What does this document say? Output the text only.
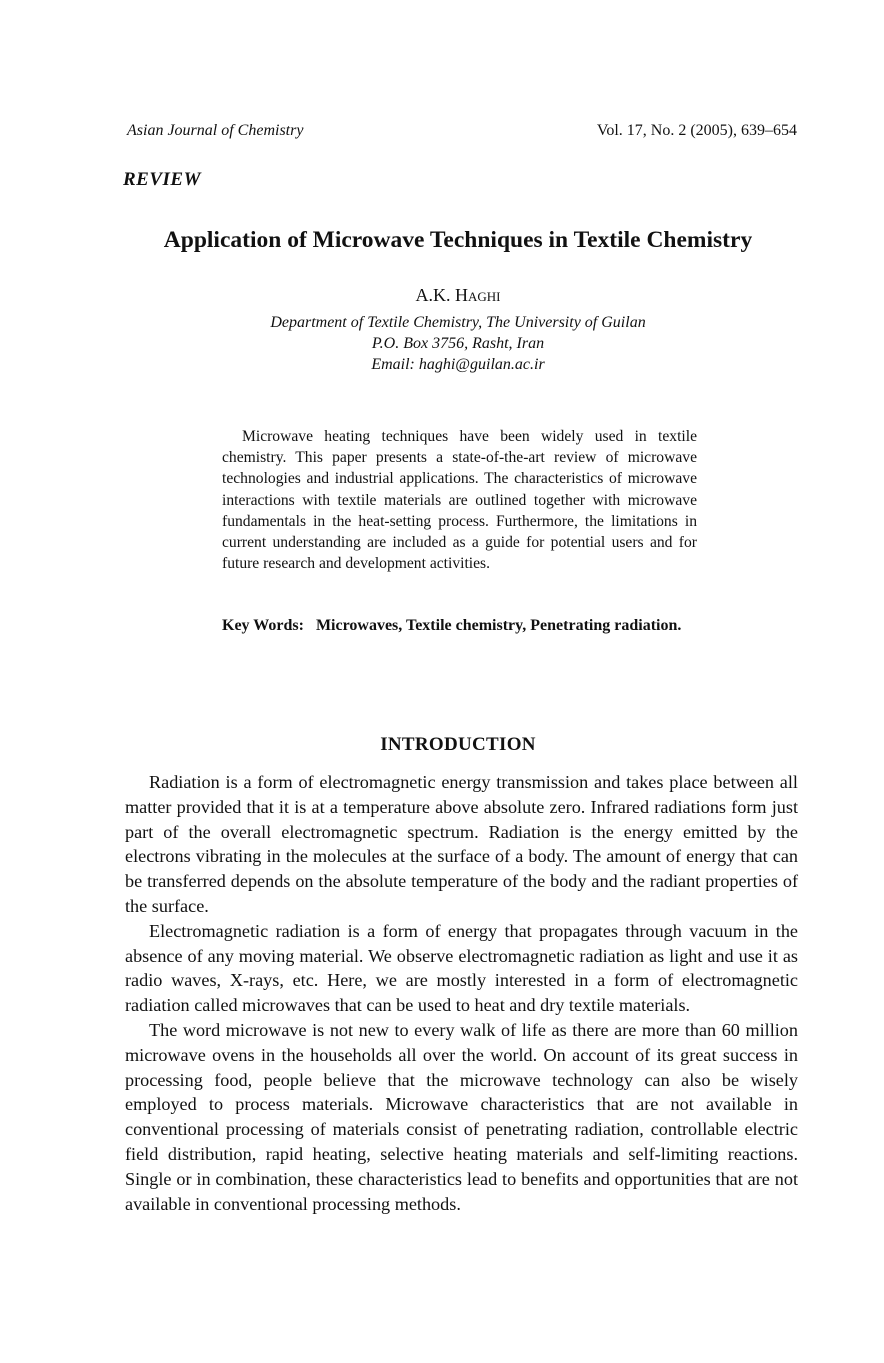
Asian Journal of Chemistry	Vol. 17, No. 2 (2005), 639–654
REVIEW
Application of Microwave Techniques in Textile Chemistry
A.K. Haghi
Department of Textile Chemistry, The University of Guilan
P.O. Box 3756, Rasht, Iran
Email: haghi@guilan.ac.ir

Microwave heating techniques have been widely used in textile chemistry. This paper presents a state-of-the-art review of microwave technologies and industrial applications. The characteristics of microwave interactions with textile materials are outlined together with microwave fundamentals in the heat-setting process. Furthermore, the limitations in current understanding are included as a guide for potential users and for future research and development activities.

Key Words: Microwaves, Textile chemistry, Penetrating radiation.

INTRODUCTION

Radiation is a form of electromagnetic energy transmission and takes place between all matter provided that it is at a temperature above absolute zero. Infrared radiations form just part of the overall electromagnetic spectrum. Radiation is the energy emitted by the electrons vibrating in the molecules at the surface of a body. The amount of energy that can be transferred depends on the absolute temperature of the body and the radiant properties of the surface.

Electromagnetic radiation is a form of energy that propagates through vacuum in the absence of any moving material. We observe electromagnetic radiation as light and use it as radio waves, X-rays, etc. Here, we are mostly interested in a form of electromagnetic radiation called microwaves that can be used to heat and dry textile materials.

The word microwave is not new to every walk of life as there are more than 60 million microwave ovens in the households all over the world. On account of its great success in processing food, people believe that the microwave technology can also be wisely employed to process materials. Microwave characteristics that are not available in conventional processing of materials consist of penetrating radiation, controllable electric field distribution, rapid heating, selective heating materials and self-limiting reactions. Single or in combination, these characteristics lead to benefits and opportunities that are not available in conventional processing methods.
